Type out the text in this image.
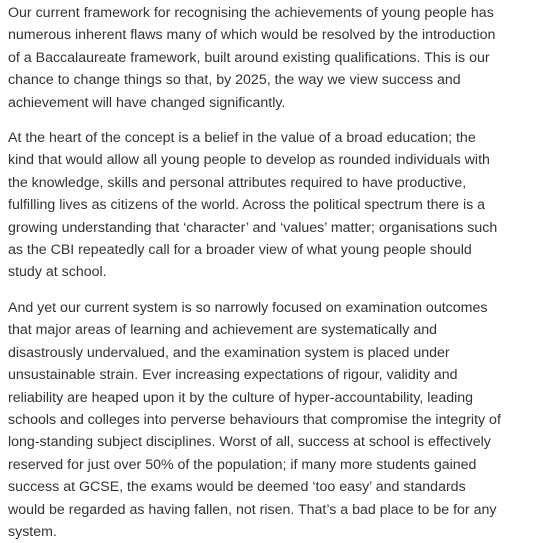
Our current framework for recognising the achievements of young people has
numerous inherent flaws many of which would be resolved by the introduction
of a Baccalaureate framework, built around existing qualifications. This is our
chance to change things so that, by 2025, the way we view success and
achievement will have changed significantly.

At the heart of the concept is a belief in the value of a broad education; the
kind that would allow all young people to develop as rounded individuals with
the knowledge, skills and personal attributes required to have productive,
fulfilling lives as citizens of the world. Across the political spectrum there is a
growing understanding that ‘character’ and ‘values’ matter; organisations such
as the CBI repeatedly call for a broader view of what young people should
study at school.

And yet our current system is so narrowly focused on examination outcomes
that major areas of learning and achievement are systematically and
disastrously undervalued, and the examination system is placed under
unsustainable strain. Ever increasing expectations of rigour, validity and
reliability are heaped upon it by the culture of hyper-accountability, leading
schools and colleges into perverse behaviours that compromise the integrity of
long-standing subject disciplines. Worst of all, success at school is effectively
reserved for just over 50% of the population; if many more students gained
success at GCSE, the exams would be deemed ‘too easy’ and standards
would be regarded as having fallen, not risen. That’s a bad place to be for any
system.
